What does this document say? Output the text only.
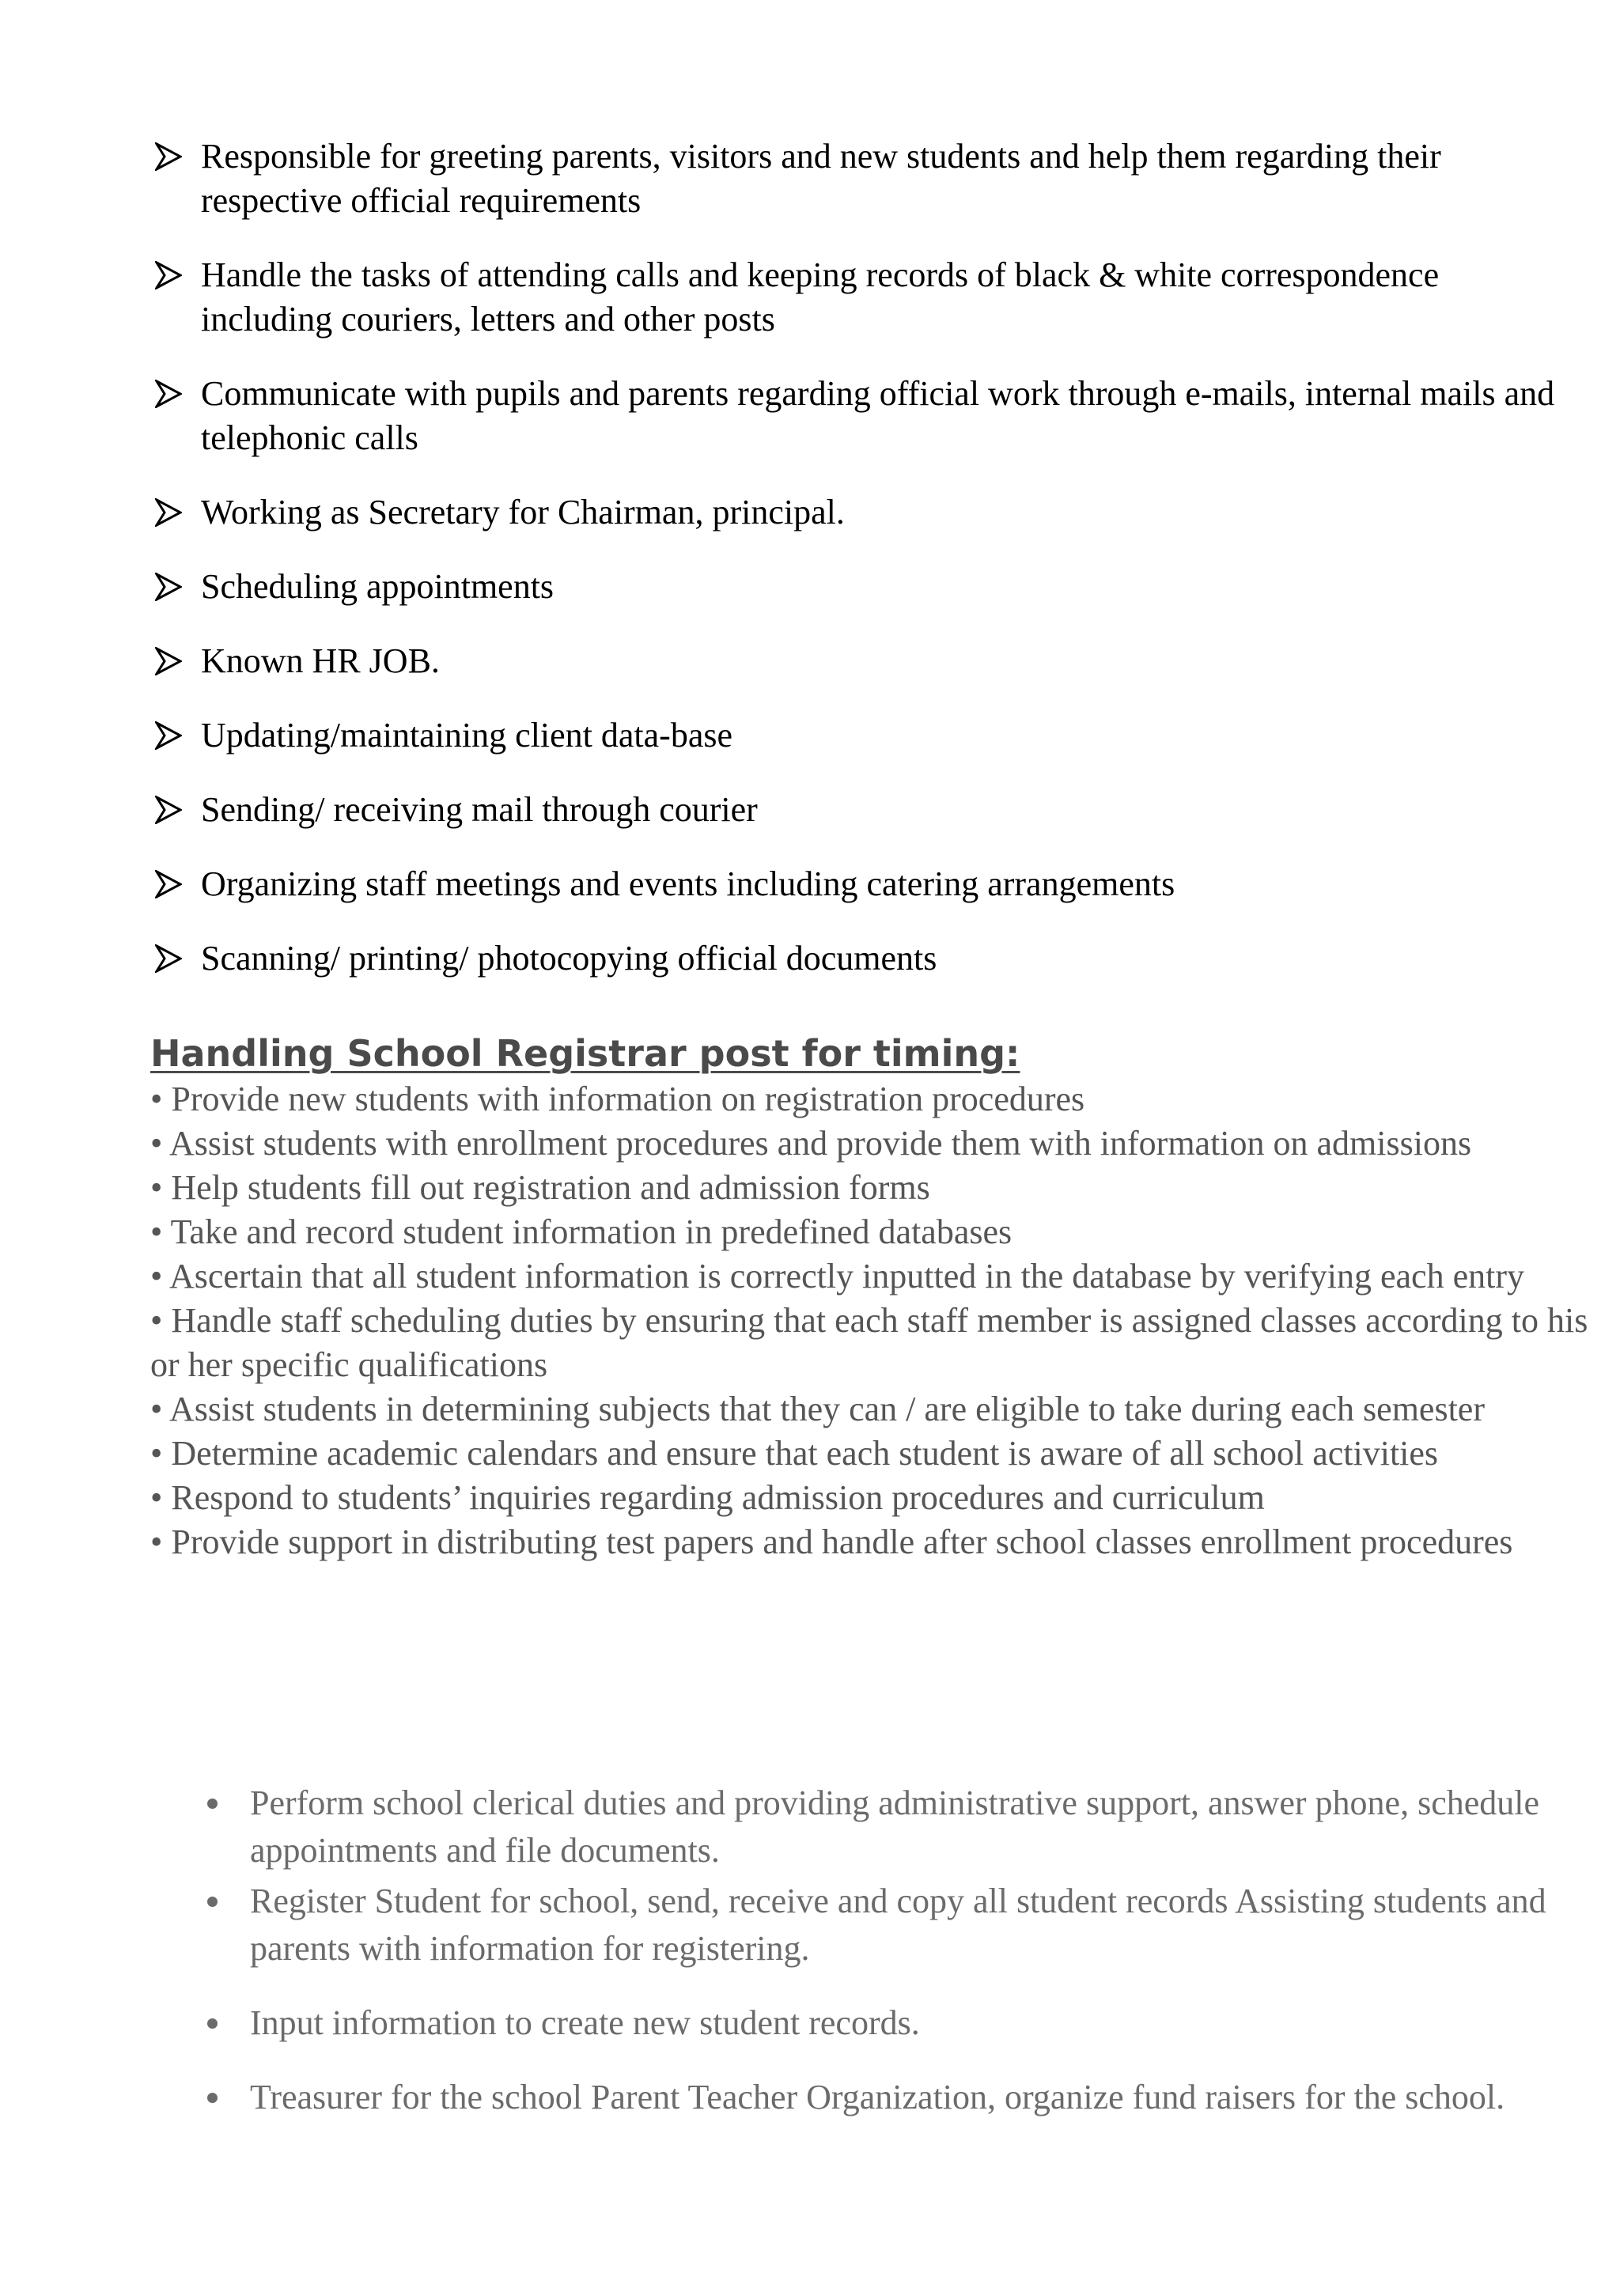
Responsible for greeting parents, visitors and new students and help them regarding their respective official requirements
Handle the tasks of attending calls and keeping records of black & white correspondence including couriers, letters and other posts
Communicate with pupils and parents regarding official work through e-mails, internal mails and telephonic calls
Working as Secretary for Chairman, principal.
Scheduling appointments
Known HR JOB.
Updating/maintaining client data-base
Sending/ receiving mail through courier
Organizing staff meetings and events including catering arrangements
Scanning/ printing/ photocopying official documents
Handling School Registrar post for timing:
• Provide new students with information on registration procedures
• Assist students with enrollment procedures and provide them with information on admissions
• Help students fill out registration and admission forms
• Take and record student information in predefined databases
• Ascertain that all student information is correctly inputted in the database by verifying each entry
• Handle staff scheduling duties by ensuring that each staff member is assigned classes according to his or her specific qualifications
• Assist students in determining subjects that they can / are eligible to take during each semester
• Determine academic calendars and ensure that each student is aware of all school activities
• Respond to students’ inquiries regarding admission procedures and curriculum
• Provide support in distributing test papers and handle after school classes enrollment procedures
Perform school clerical duties and providing administrative support, answer phone, schedule appointments and file documents.
Register Student for school, send, receive and copy all student records Assisting students and parents with information for registering.
Input information to create new student records.
Treasurer for the school Parent Teacher Organization, organize fund raisers for the school.
